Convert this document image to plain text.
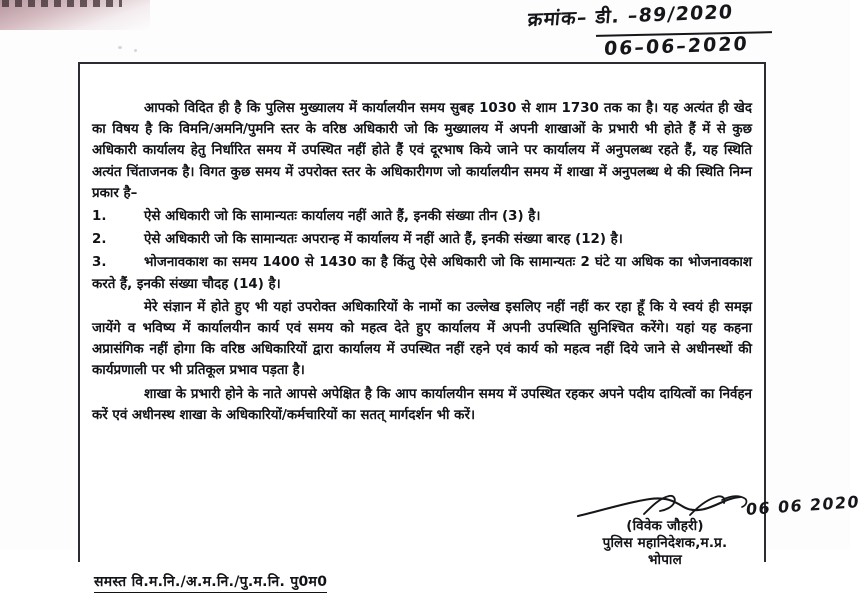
क्रमांक– डी. –89/2020
06–06–2020

आपको विदित ही है कि पुलिस मुख्यालय में कार्यालयीन समय सुबह 1030 से शाम 1730 तक का है। यह अत्यंत ही खेद का विषय है कि विमनि/अमनि/पुमनि स्तर के वरिष्ठ अधिकारी जो कि मुख्यालय में अपनी शाखाओं के प्रभारी भी होते हैं में से कुछ अधिकारी कार्यालय हेतु निर्धारित समय में उपस्थित नहीं होते हैं एवं दूरभाष किये जाने पर कार्यालय में अनुपलब्ध रहते हैं, यह स्थिति अत्यंत चिंताजनक है। विगत कुछ समय में उपरोक्त स्तर के अधिकारीगण जो कार्यालयीन समय में शाखा में अनुपलब्ध थे की स्थिति निम्न प्रकार है–

1.	ऐसे अधिकारी जो कि सामान्यतः कार्यालय नहीं आते हैं, इनकी संख्या तीन (3) है।

2.	ऐसे अधिकारी जो कि सामान्यतः अपरान्ह में कार्यालय में नहीं आते हैं, इनकी संख्या बारह (12) है।

3.	भोजनावकाश का समय 1400 से 1430 का है किंतु ऐसे अधिकारी जो कि सामान्यतः 2 घंटे या अधिक का भोजनावकाश करते हैं, इनकी संख्या चौदह (14) है।

मेरे संज्ञान में होते हुए भी यहां उपरोक्त अधिकारियों के नामों का उल्लेख इसलिए नहीं नहीं कर रहा हूँ कि ये स्वयं ही समझ जायेंगे व भविष्य में कार्यालयीन कार्य एवं समय को महत्व देते हुए कार्यालय में अपनी उपस्थिति सुनिश्चित करेंगे। यहां यह कहना अप्रासंगिक नहीं होगा कि वरिष्ठ अधिकारियों द्वारा कार्यालय में उपस्थित नहीं रहने एवं कार्य को महत्व नहीं दिये जाने से अधीनस्थों की कार्यप्रणाली पर भी प्रतिकूल प्रभाव पड़ता है।

शाखा के प्रभारी होने के नाते आपसे अपेक्षित है कि आप कार्यालयीन समय में उपस्थित रहकर अपने पदीय दायित्वों का निर्वहन करें एवं अधीनस्थ शाखा के अधिकारियों/कर्मचारियों का सतत् मार्गदर्शन भी करें।

06 06 2020
(विवेक जौहरी)
पुलिस महानिदेशक,म.प्र.
भोपाल
समस्त वि.म.नि./अ.म.नि./पु.म.नि. पु0म0
